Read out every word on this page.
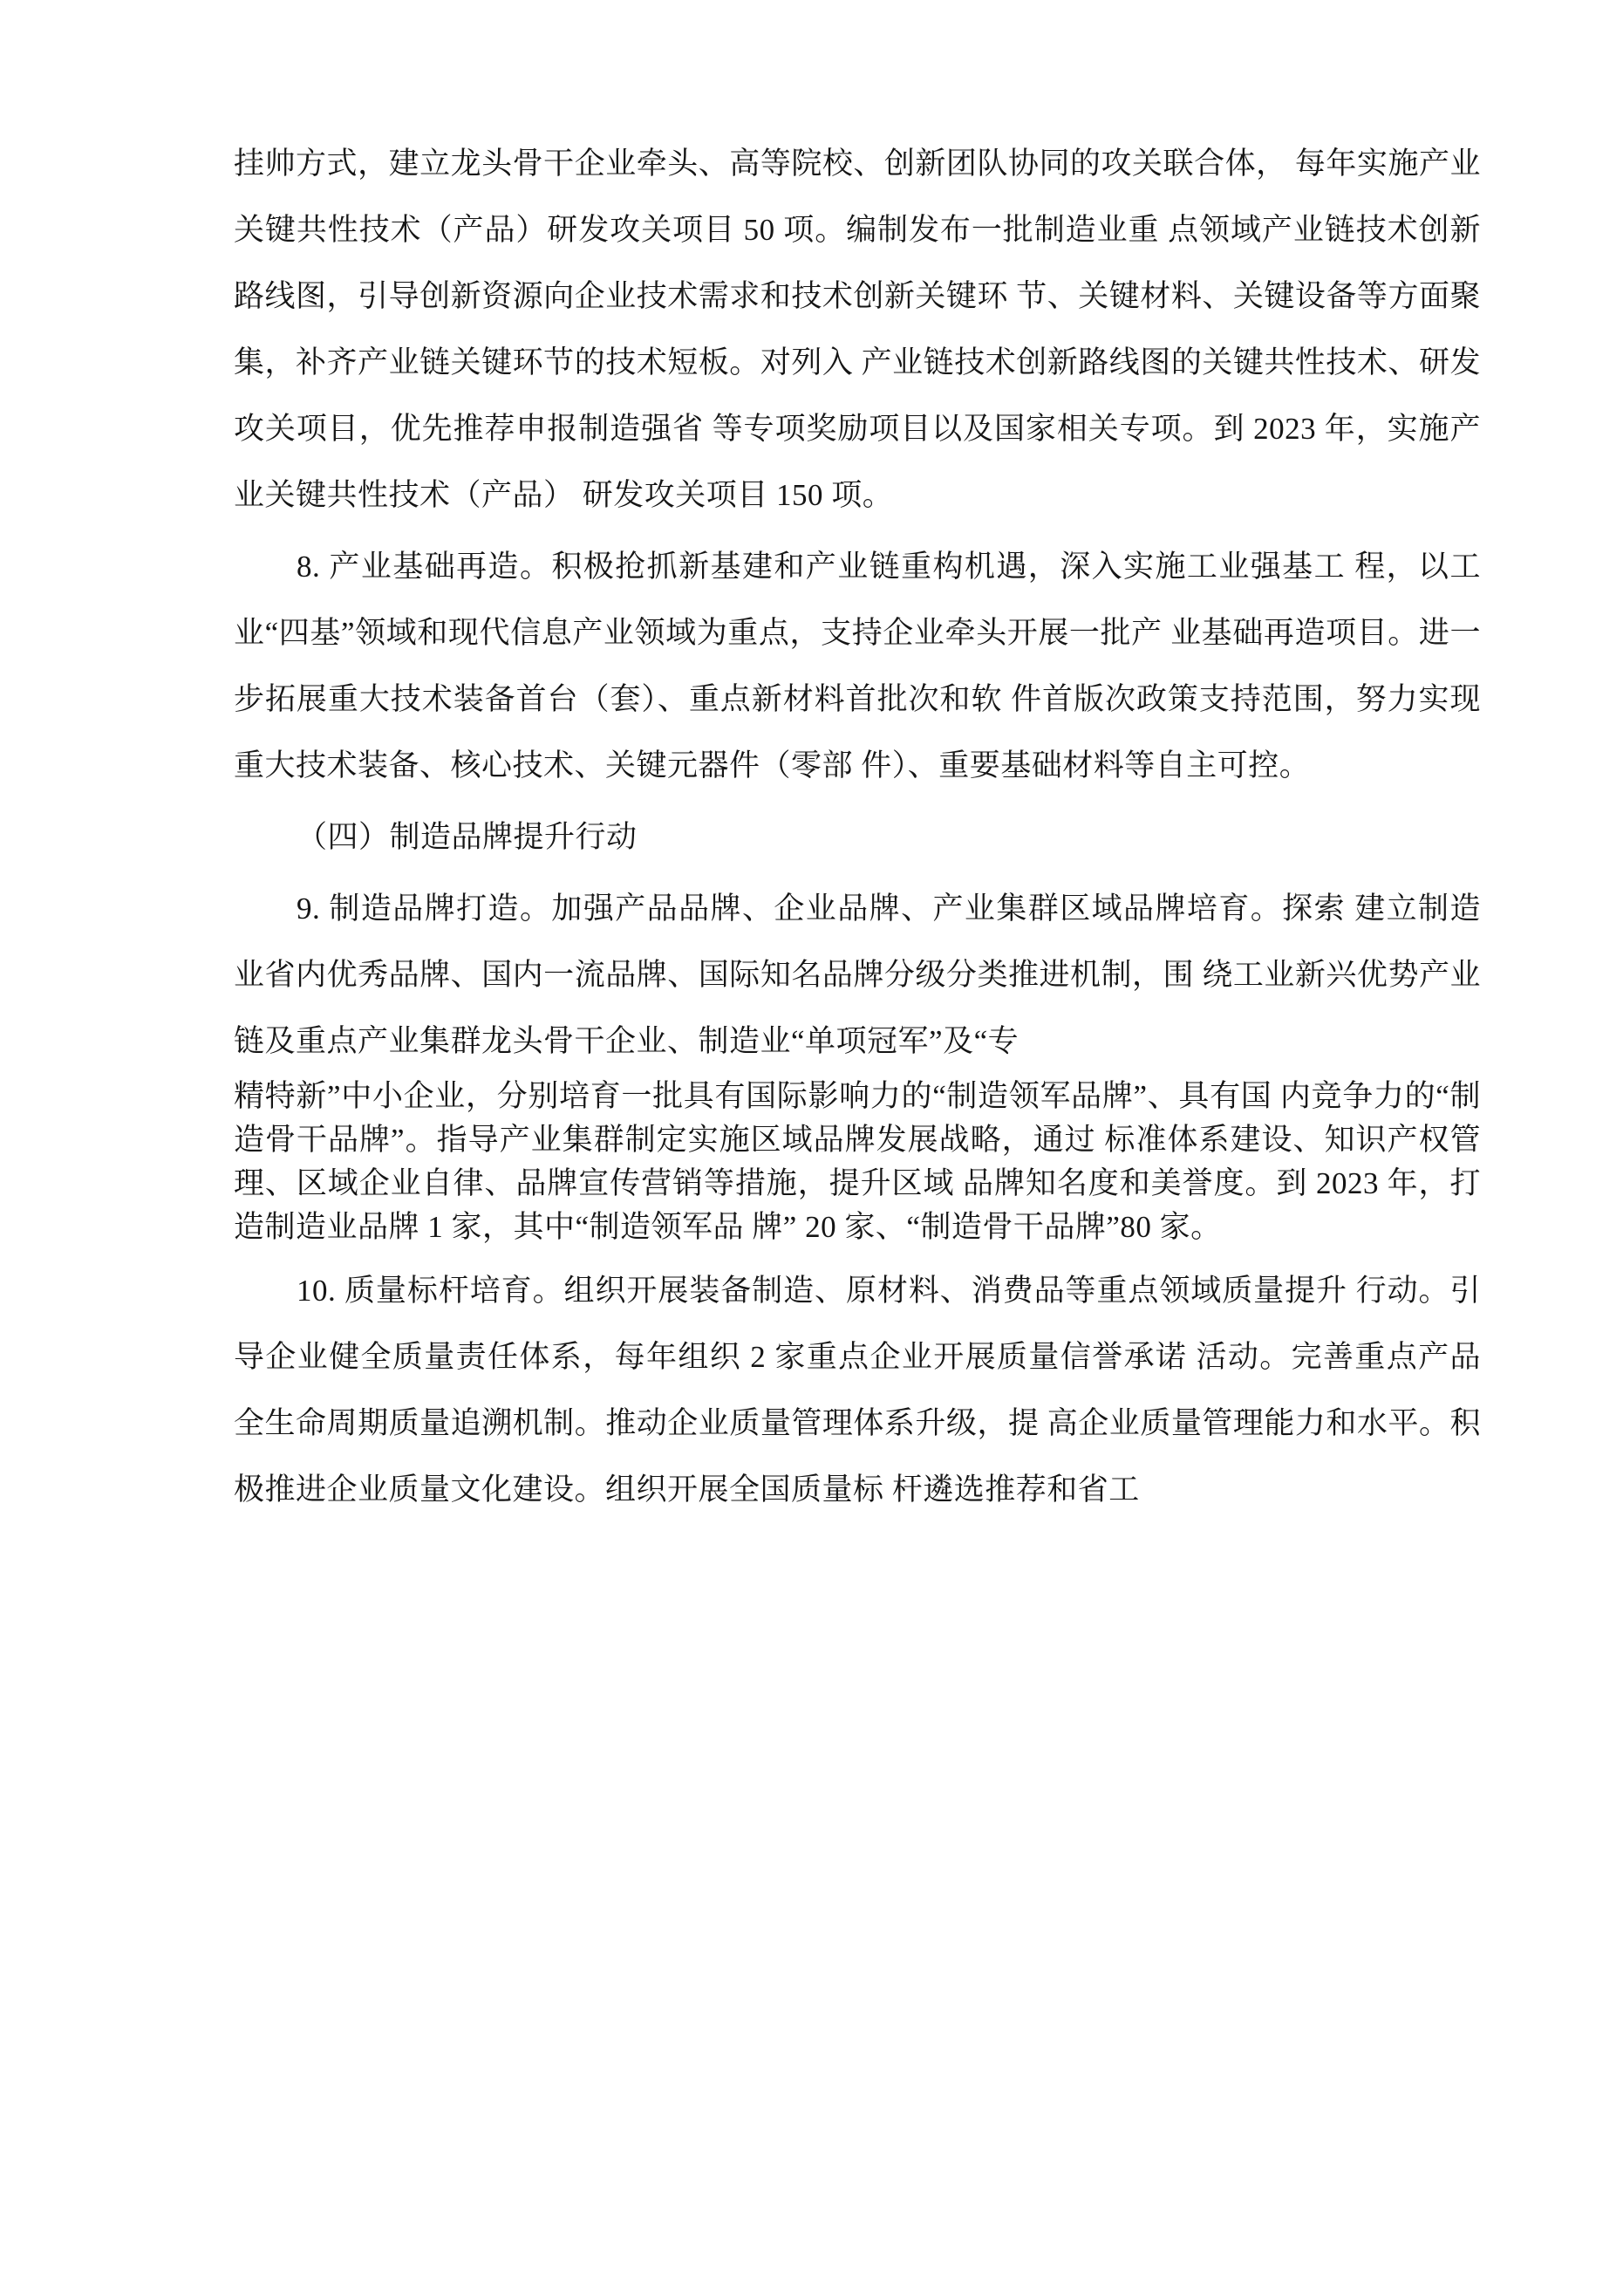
挂帅方式，建立龙头骨干企业牵头、高等院校、创新团队协同的攻关联合体， 每年实施产业关键共性技术（产品）研发攻关项目 50 项。编制发布一批制造业重 点领域产业链技术创新路线图，引导创新资源向企业技术需求和技术创新关键环 节、关键材料、关键设备等方面聚集，补齐产业链关键环节的技术短板。对列入 产业链技术创新路线图的关键共性技术、研发攻关项目，优先推荐申报制造强省 等专项奖励项目以及国家相关专项。到 2023 年，实施产业关键共性技术（产品） 研发攻关项目 150 项。

8. 产业基础再造。积极抢抓新基建和产业链重构机遇，深入实施工业强基工 程，以工业“四基”领域和现代信息产业领域为重点，支持企业牵头开展一批产 业基础再造项目。进一步拓展重大技术装备首台（套）、重点新材料首批次和软 件首版次政策支持范围，努力实现重大技术装备、核心技术、关键元器件（零部 件）、重要基础材料等自主可控。

（四）制造品牌提升行动

9. 制造品牌打造。加强产品品牌、企业品牌、产业集群区域品牌培育。探索 建立制造业省内优秀品牌、国内一流品牌、国际知名品牌分级分类推进机制，围 绕工业新兴优势产业链及重点产业集群龙头骨干企业、制造业“单项冠军”及“专

精特新”中小企业，分别培育一批具有国际影响力的“制造领军品牌”、具有国 内竞争力的“制造骨干品牌”。指导产业集群制定实施区域品牌发展战略，通过 标准体系建设、知识产权管理、区域企业自律、品牌宣传营销等措施，提升区域 品牌知名度和美誉度。到 2023 年，打造制造业品牌 1 家，其中“制造领军品 牌” 20 家、“制造骨干品牌”80 家。

10. 质量标杆培育。组织开展装备制造、原材料、消费品等重点领域质量提升 行动。引导企业健全质量责任体系，每年组织 2 家重点企业开展质量信誉承诺 活动。完善重点产品全生命周期质量追溯机制。推动企业质量管理体系升级，提 高企业质量管理能力和水平。积极推进企业质量文化建设。组织开展全国质量标 杆遴选推荐和省工
